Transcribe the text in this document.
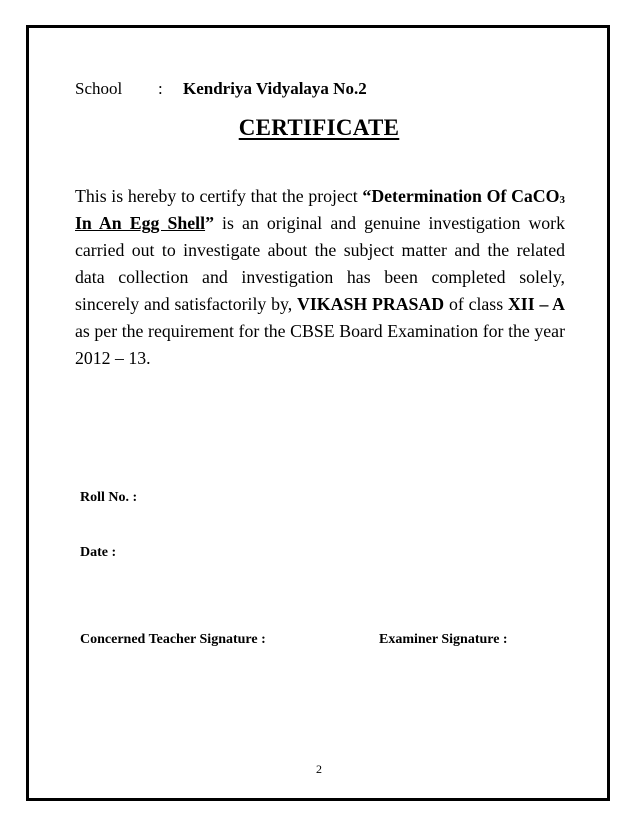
School : Kendriya Vidyalaya No.2
CERTIFICATE

This is hereby to certify that the project “Determination Of CaCO$_3$ In An Egg Shell” is an original and genuine investigation work carried out to investigate about the subject matter and the related data collection and investigation has been completed solely, sincerely and satisfactorily by, VIKASH PRASAD of class XII – A as per the requirement for the CBSE Board Examination for the year 2012 – 13.

Roll No. :
Date :
Concerned Teacher Signature :	Examiner Signature :
2
